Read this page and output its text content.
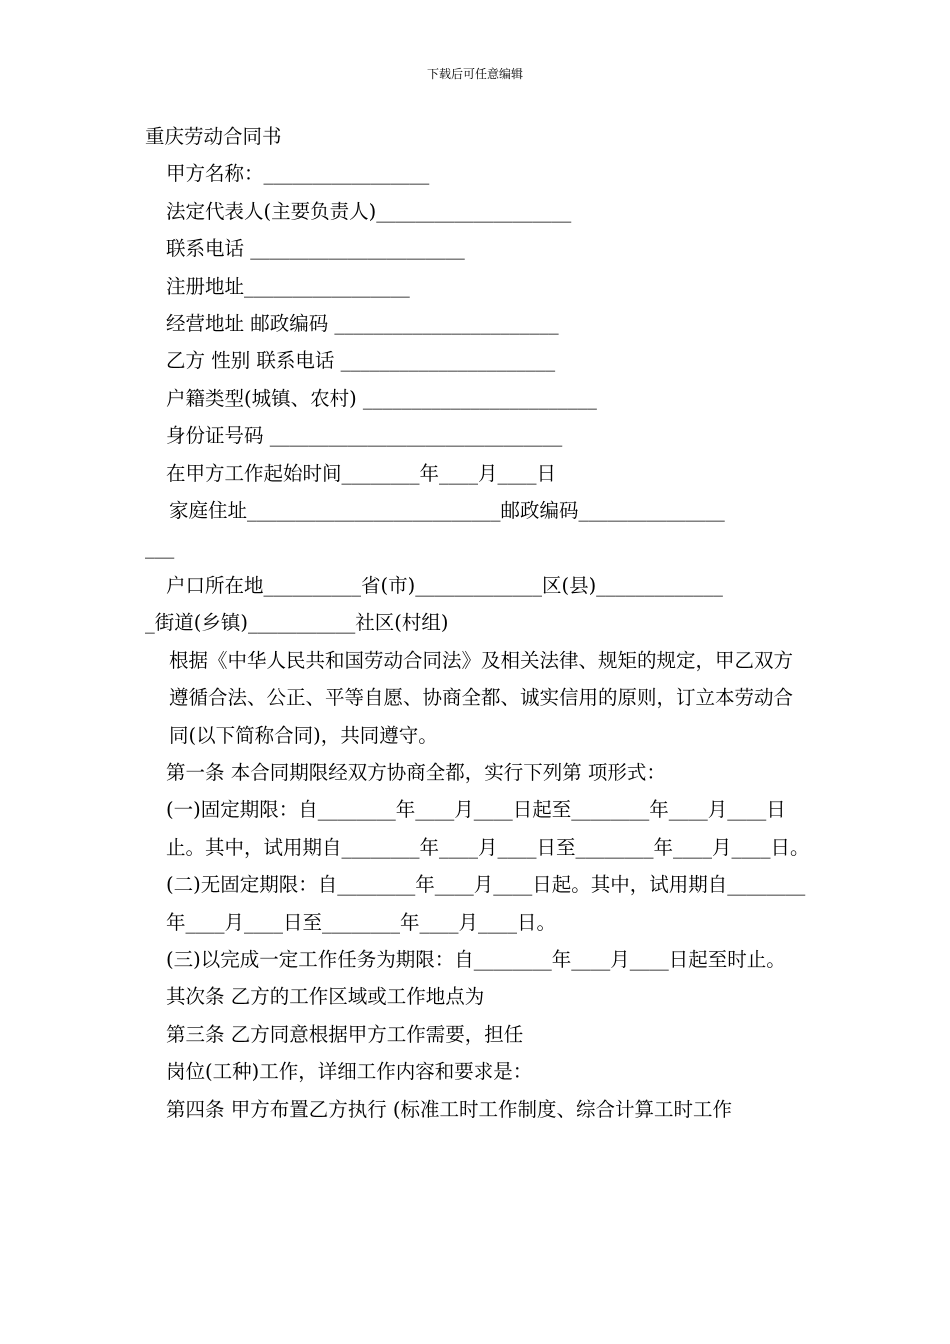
下载后可任意编辑

重庆劳动合同书

甲方名称：_________________

法定代表人(主要负责人)____________________

联系电话 ______________________

注册地址_________________

经营地址 邮政编码 _______________________

乙方 性别 联系电话 ______________________

户籍类型(城镇、农村) ________________________

身份证号码 ______________________________

在甲方工作起始时间________年____月____日

家庭住址__________________________邮政编码_______________

___

户口所在地__________省(市)_____________区(县)_____________

_街道(乡镇)___________社区(村组)

根据《中华人民共和国劳动合同法》及相关法律、规矩的规定，甲乙双方遵循合法、公正、平等自愿、协商全都、诚实信用的原则，订立本劳动合同(以下简称合同)，共同遵守。

第一条 本合同期限经双方协商全都，实行下列第 项形式：

(一)固定期限：自________年____月____日起至________年____月____日止。其中，试用期自________年____月____日至________年____月____日。

(二)无固定期限：自________年____月____日起。其中，试用期自________年____月____日至________年____月____日。

(三)以完成一定工作任务为期限：自________年____月____日起至时止。

其次条 乙方的工作区域或工作地点为

第三条 乙方同意根据甲方工作需要，担任

岗位(工种)工作，详细工作内容和要求是：

第四条 甲方布置乙方执行 (标准工时工作制度、综合计算工时工作
